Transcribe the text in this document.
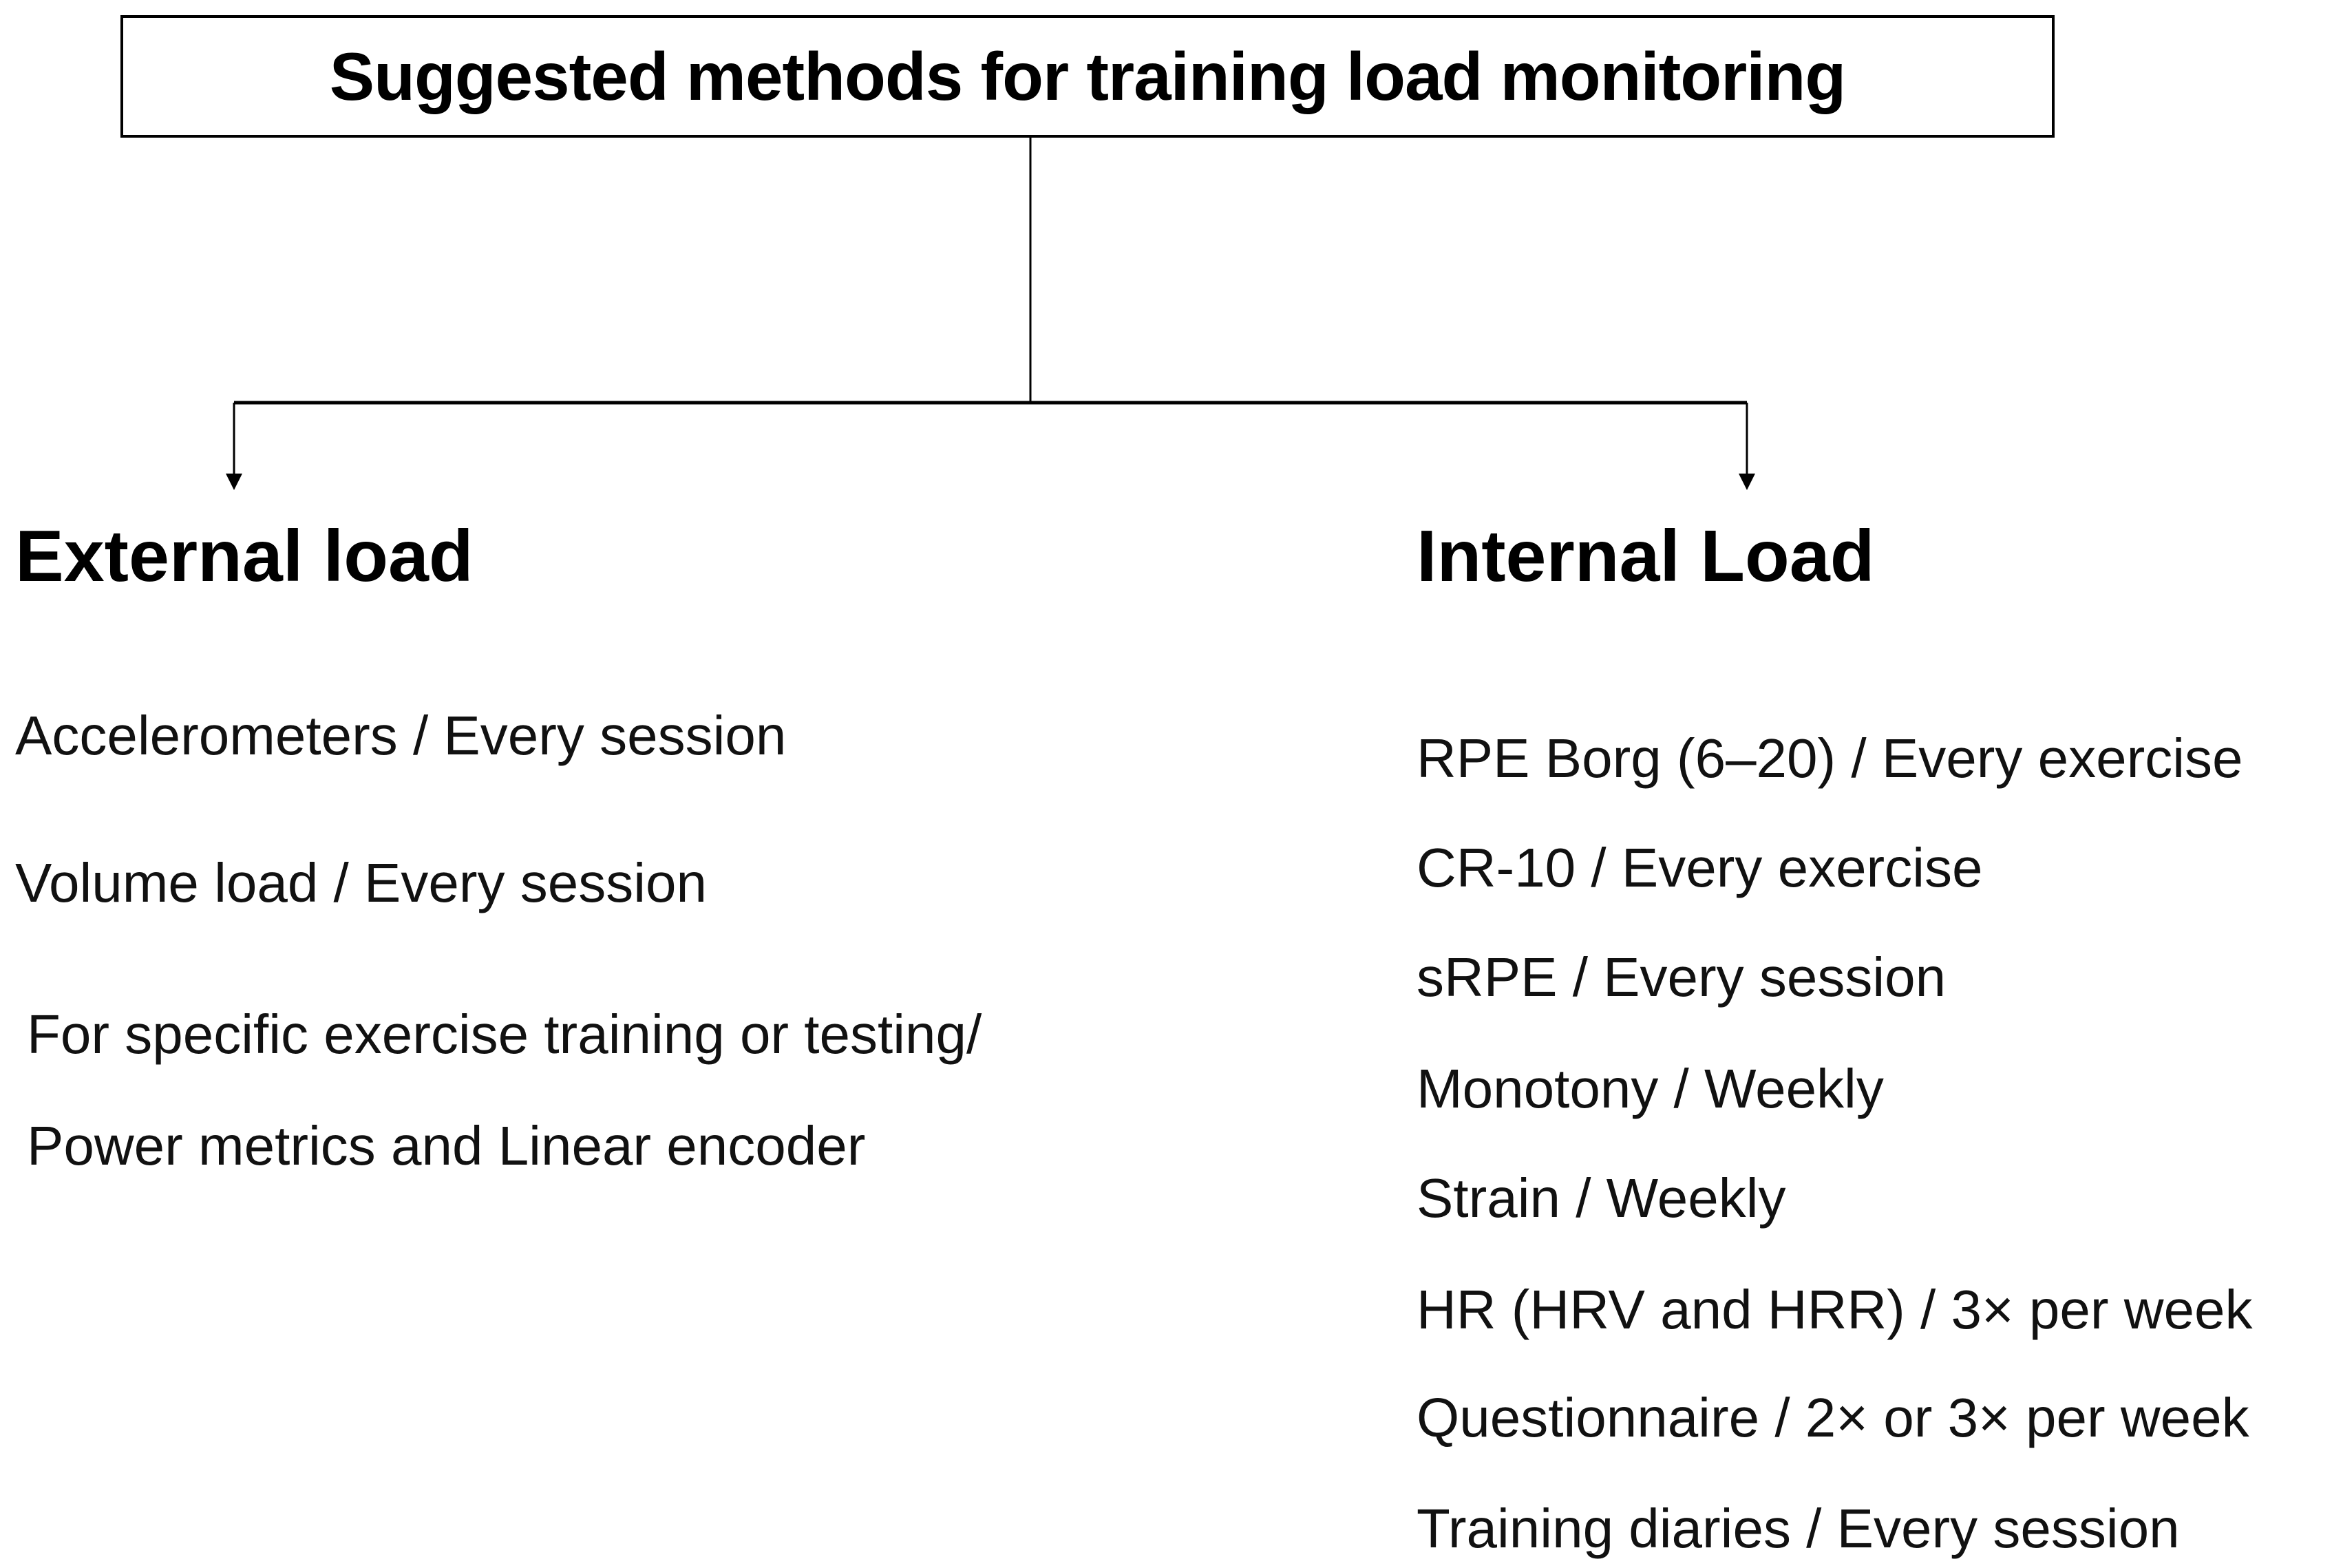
Suggested methods for training load monitoring
External load	Internal Load
Accelerometers / Every session
Volume load / Every session
For specific exercise training or testing/
Power metrics and Linear encoder
RPE Borg (6–20) / Every exercise
CR-10 / Every exercise
sRPE / Every session
Monotony / Weekly
Strain / Weekly
HR (HRV and HRR) / 3× per week
Questionnaire / 2× or 3× per week
Training diaries / Every session
